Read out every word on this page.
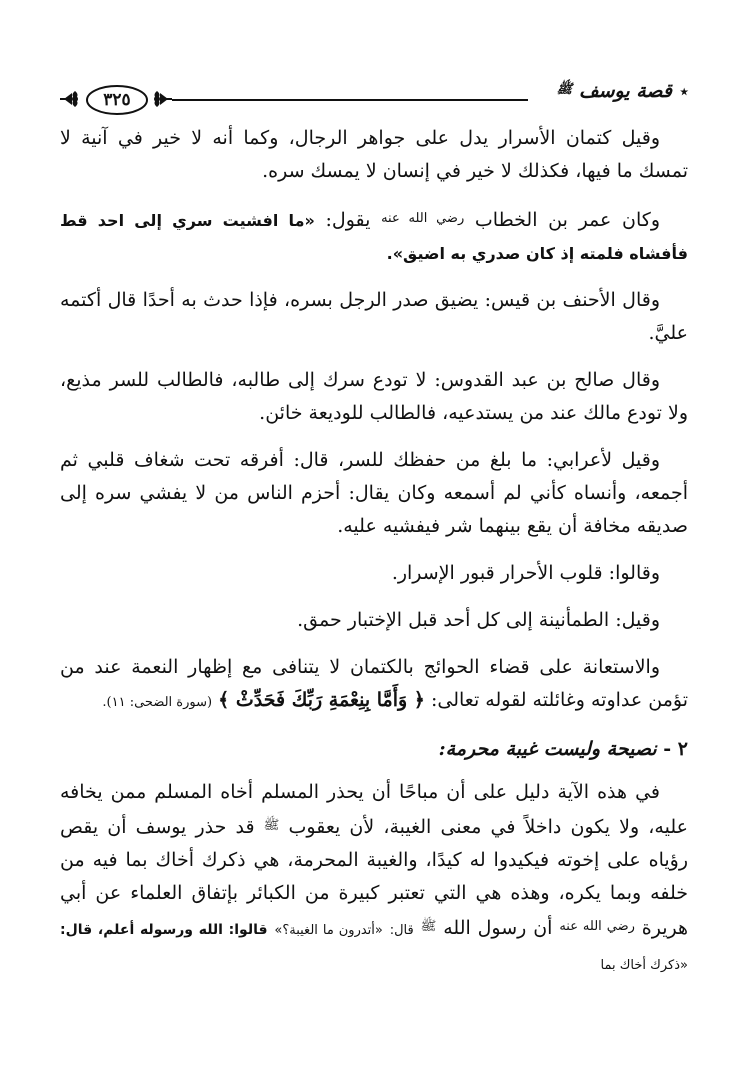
٭
قصة يوسف $^ﷺ$
٣٢٥

وقيل كتمان الأسرار يدل على جواهر الرجال، وكما أنه لا خير في آنية لا تمسك ما فيها، فكذلك لا خير في إنسان لا يمسك سره.

وكان عمر بن الخطاب $^{رضي الله عنه}$ يقول: «ما افشيت سري إلى احد قط فأفشاه فلمته إذ كان صدري به اضيق».

وقال الأحنف بن قيس: يضيق صدر الرجل بسره، فإذا حدث به أحدًا قال أكتمه عليَّ.

وقال صالح بن عبد القدوس: لا تودع سرك إلى طالبه، فالطالب للسر مذيع، ولا تودع مالك عند من يستدعيه، فالطالب للوديعة خائن.

وقيل لأعرابي: ما بلغ من حفظك للسر، قال: أفرقه تحت شغاف قلبي ثم أجمعه، وأنساه كأني لم أسمعه وكان يقال: أحزم الناس من لا يفشي سره إلى صديقه مخافة أن يقع بينهما شر فيفشيه عليه.

وقالوا: قلوب الأحرار قبور الإسرار.

وقيل: الطمأنينة إلى كل أحد قبل الإختبار حمق.

والاستعانة على قضاء الحوائج بالكتمان لا يتنافى مع إظهار النعمة عند من تؤمن عداوته وغائلته لقوله تعالى: ﴿ وَأَمَّا بِنِعْمَةِ رَبِّكَ فَحَدِّثْ ﴾ (سورة الضحى: ١١).

٢ - نصيحة وليست غيبة محرمة:

في هذه الآية دليل على أن مباحًا أن يحذر المسلم أخاه المسلم ممن يخافه عليه، ولا يكون داخلاً في معنى الغيبة، لأن يعقوب $^ﷺ$ قد حذر يوسف أن يقص رؤياه على إخوته فيكيدوا له كيدًا، والغيبة المحرمة، هي ذكرك أخاك بما فيه من خلفه وبما يكره، وهذه هي التي تعتبر كبيرة من الكبائر بإتفاق العلماء عن أبي هريرة $^{رضي الله عنه}$ أن رسول الله $^ﷺ$ قال: «أتدرون ما الغيبة؟» قالوا: الله ورسوله أعلم، قال: «ذكرك أخاك بما
